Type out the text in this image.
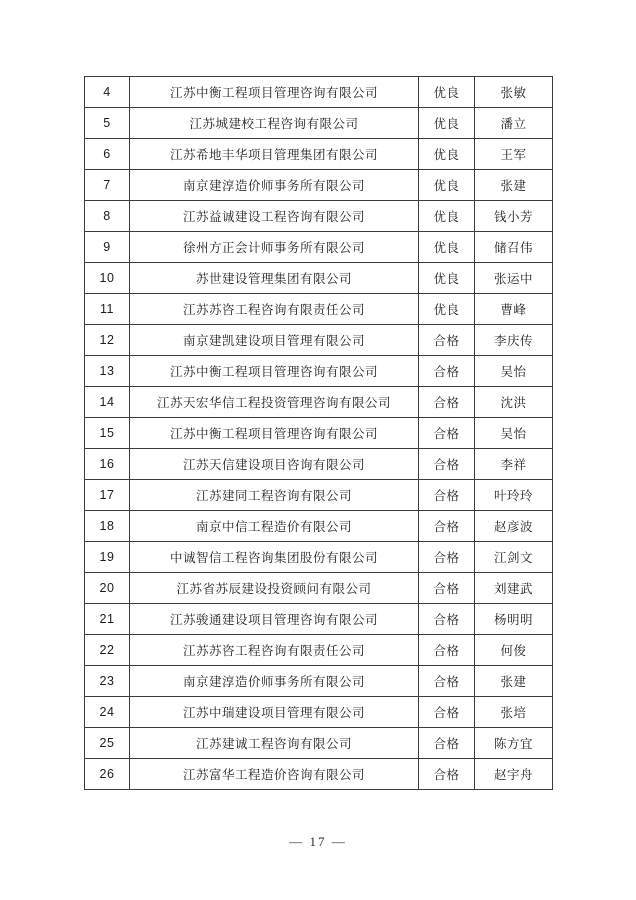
4	江苏中衡工程项目管理咨询有限公司	优良	张敏
5	江苏城建校工程咨询有限公司	优良	潘立
6	江苏希地丰华项目管理集团有限公司	优良	王军
7	南京建淳造价师事务所有限公司	优良	张建
8	江苏益诚建设工程咨询有限公司	优良	钱小芳
9	徐州方正会计师事务所有限公司	优良	储召伟
10	苏世建设管理集团有限公司	优良	张运中
11	江苏苏咨工程咨询有限责任公司	优良	曹峰
12	南京建凯建设项目管理有限公司	合格	李庆传
13	江苏中衡工程项目管理咨询有限公司	合格	吴怡
14	江苏天宏华信工程投资管理咨询有限公司	合格	沈洪
15	江苏中衡工程项目管理咨询有限公司	合格	吴怡
16	江苏天信建设项目咨询有限公司	合格	李祥
17	江苏建同工程咨询有限公司	合格	叶玲玲
18	南京中信工程造价有限公司	合格	赵彦波
19	中诚智信工程咨询集团股份有限公司	合格	江剑文
20	江苏省苏辰建设投资顾问有限公司	合格	刘建武
21	江苏骏通建设项目管理咨询有限公司	合格	杨明明
22	江苏苏咨工程咨询有限责任公司	合格	何俊
23	南京建淳造价师事务所有限公司	合格	张建
24	江苏中瑞建设项目管理有限公司	合格	张培
25	江苏建诚工程咨询有限公司	合格	陈方宜
26	江苏富华工程造价咨询有限公司	合格	赵宇舟
— 17 —
